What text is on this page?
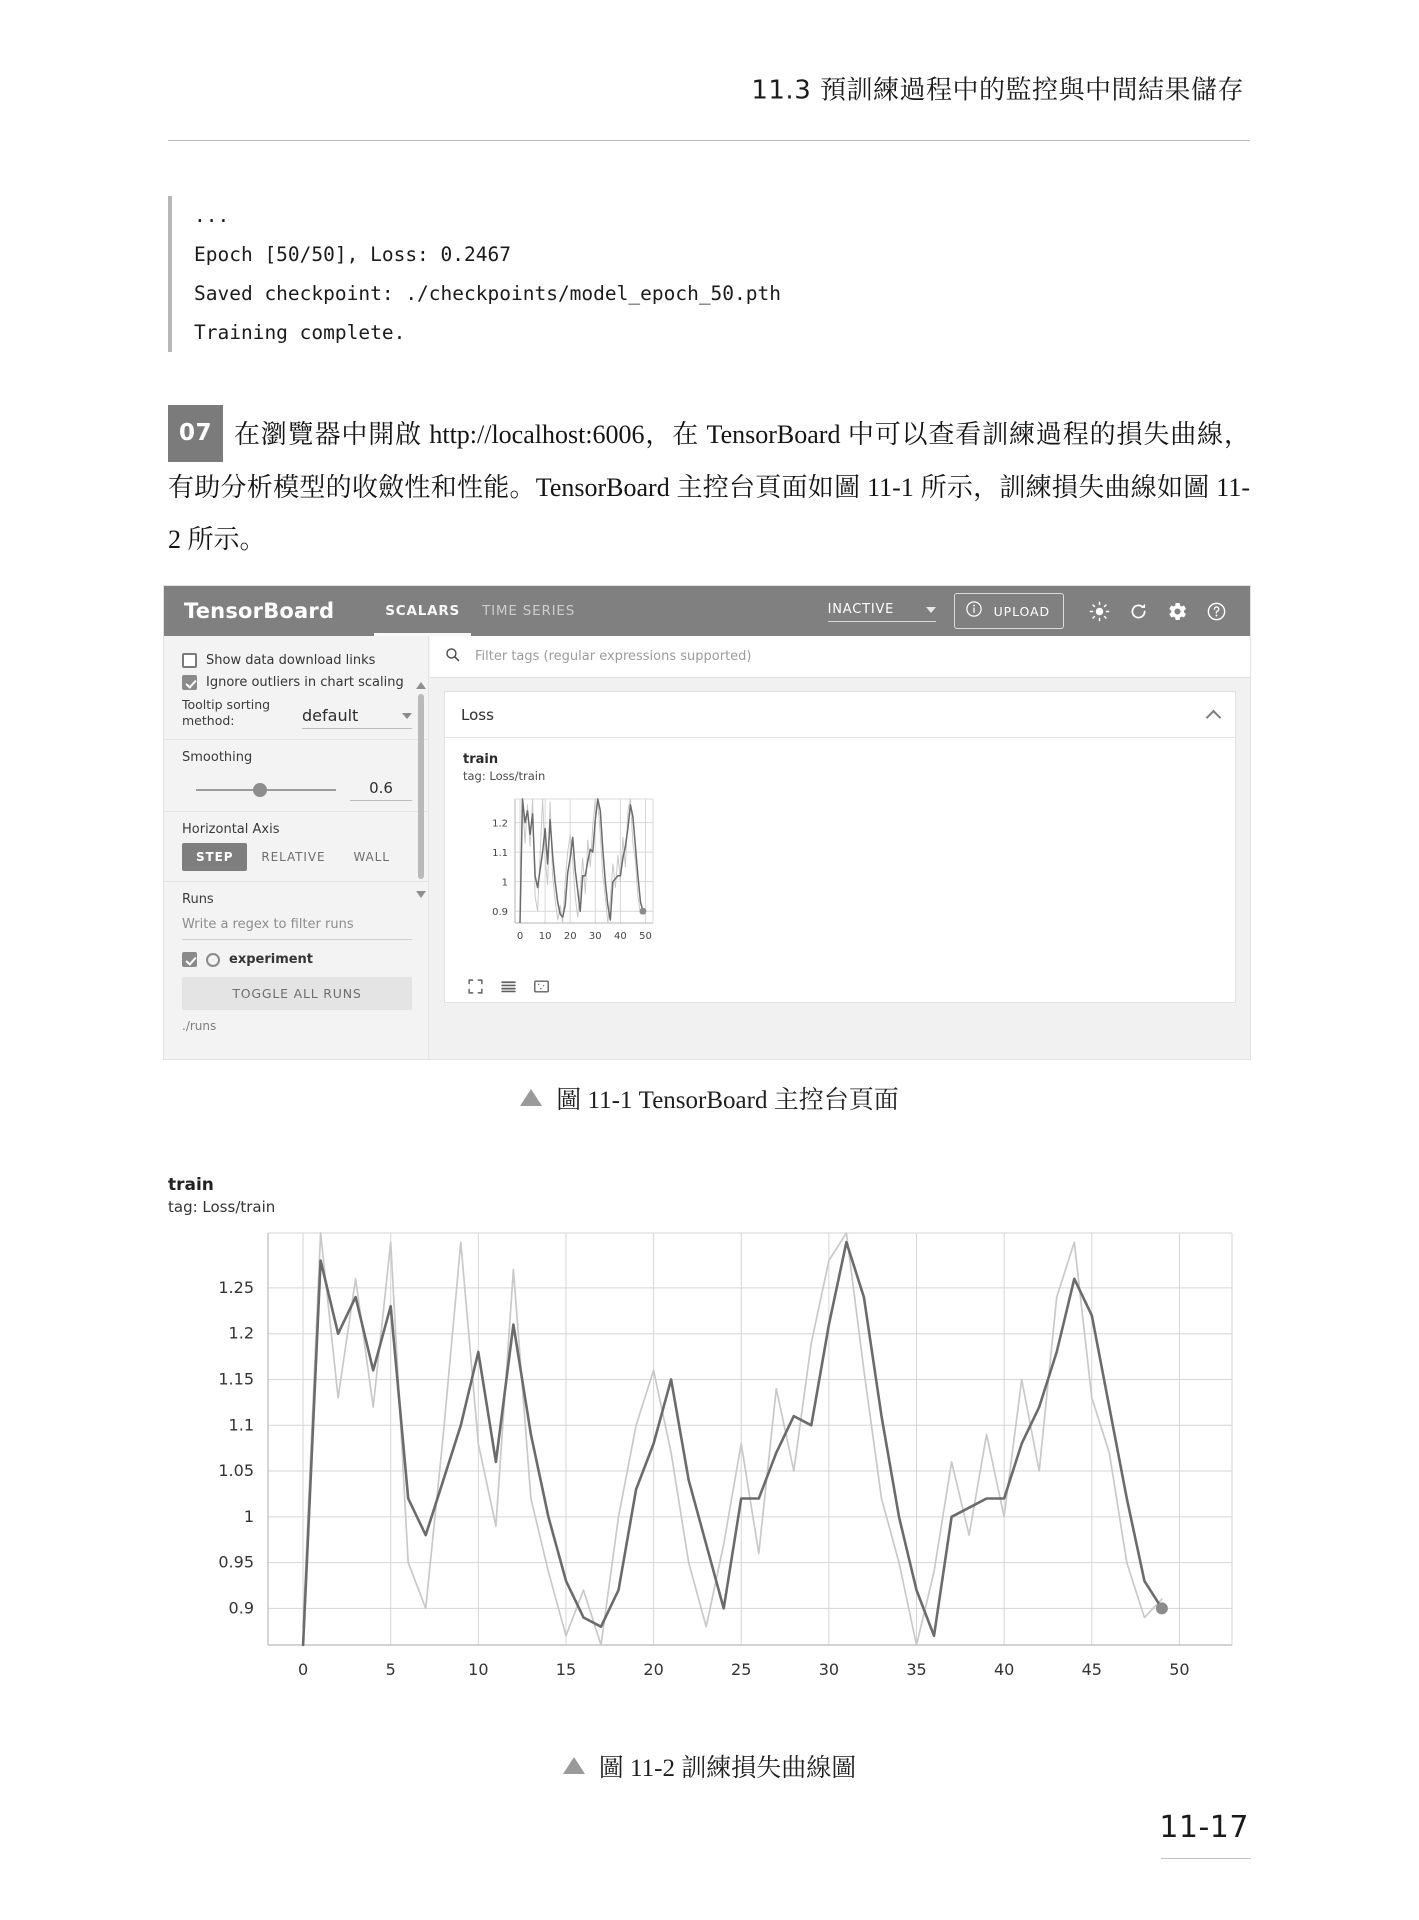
11.3 預訓練過程中的監控與中間結果儲存
...
Epoch [50/50], Loss: 0.2467
Saved checkpoint: ./checkpoints/model_epoch_50.pth
Training complete.
07 在瀏覽器中開啟 http://localhost:6006，在 TensorBoard 中可以查看訓練過程的損失曲線，有助分析模型的收斂性和性能。TensorBoard 主控台頁面如圖 11-1 所示，訓練損失曲線如圖 11-2 所示。
TensorBoard	SCALARS	TIME SERIES	INACTIVE	UPLOAD
Show data download links
Ignore outliers in chart scaling
Tooltip sorting method:	default
Smoothing
0.6
Horizontal Axis
STEP	RELATIVE	WALL
Runs
Write a regex to filter runs
experiment
TOGGLE ALL RUNS
./runs
Filter tags (regular expressions supported)
Loss
train
tag: Loss/train
0.9
1
1.1
1.2
0 10 20 30 40 50
圖 11-1 TensorBoard 主控台頁面
train
tag: Loss/train
0.9
0.95
1
1.05
1.1
1.15
1.2
1.25
0	5	10	15	20	25	30	35	40	45	50
圖 11-2 訓練損失曲線圖
11-17
